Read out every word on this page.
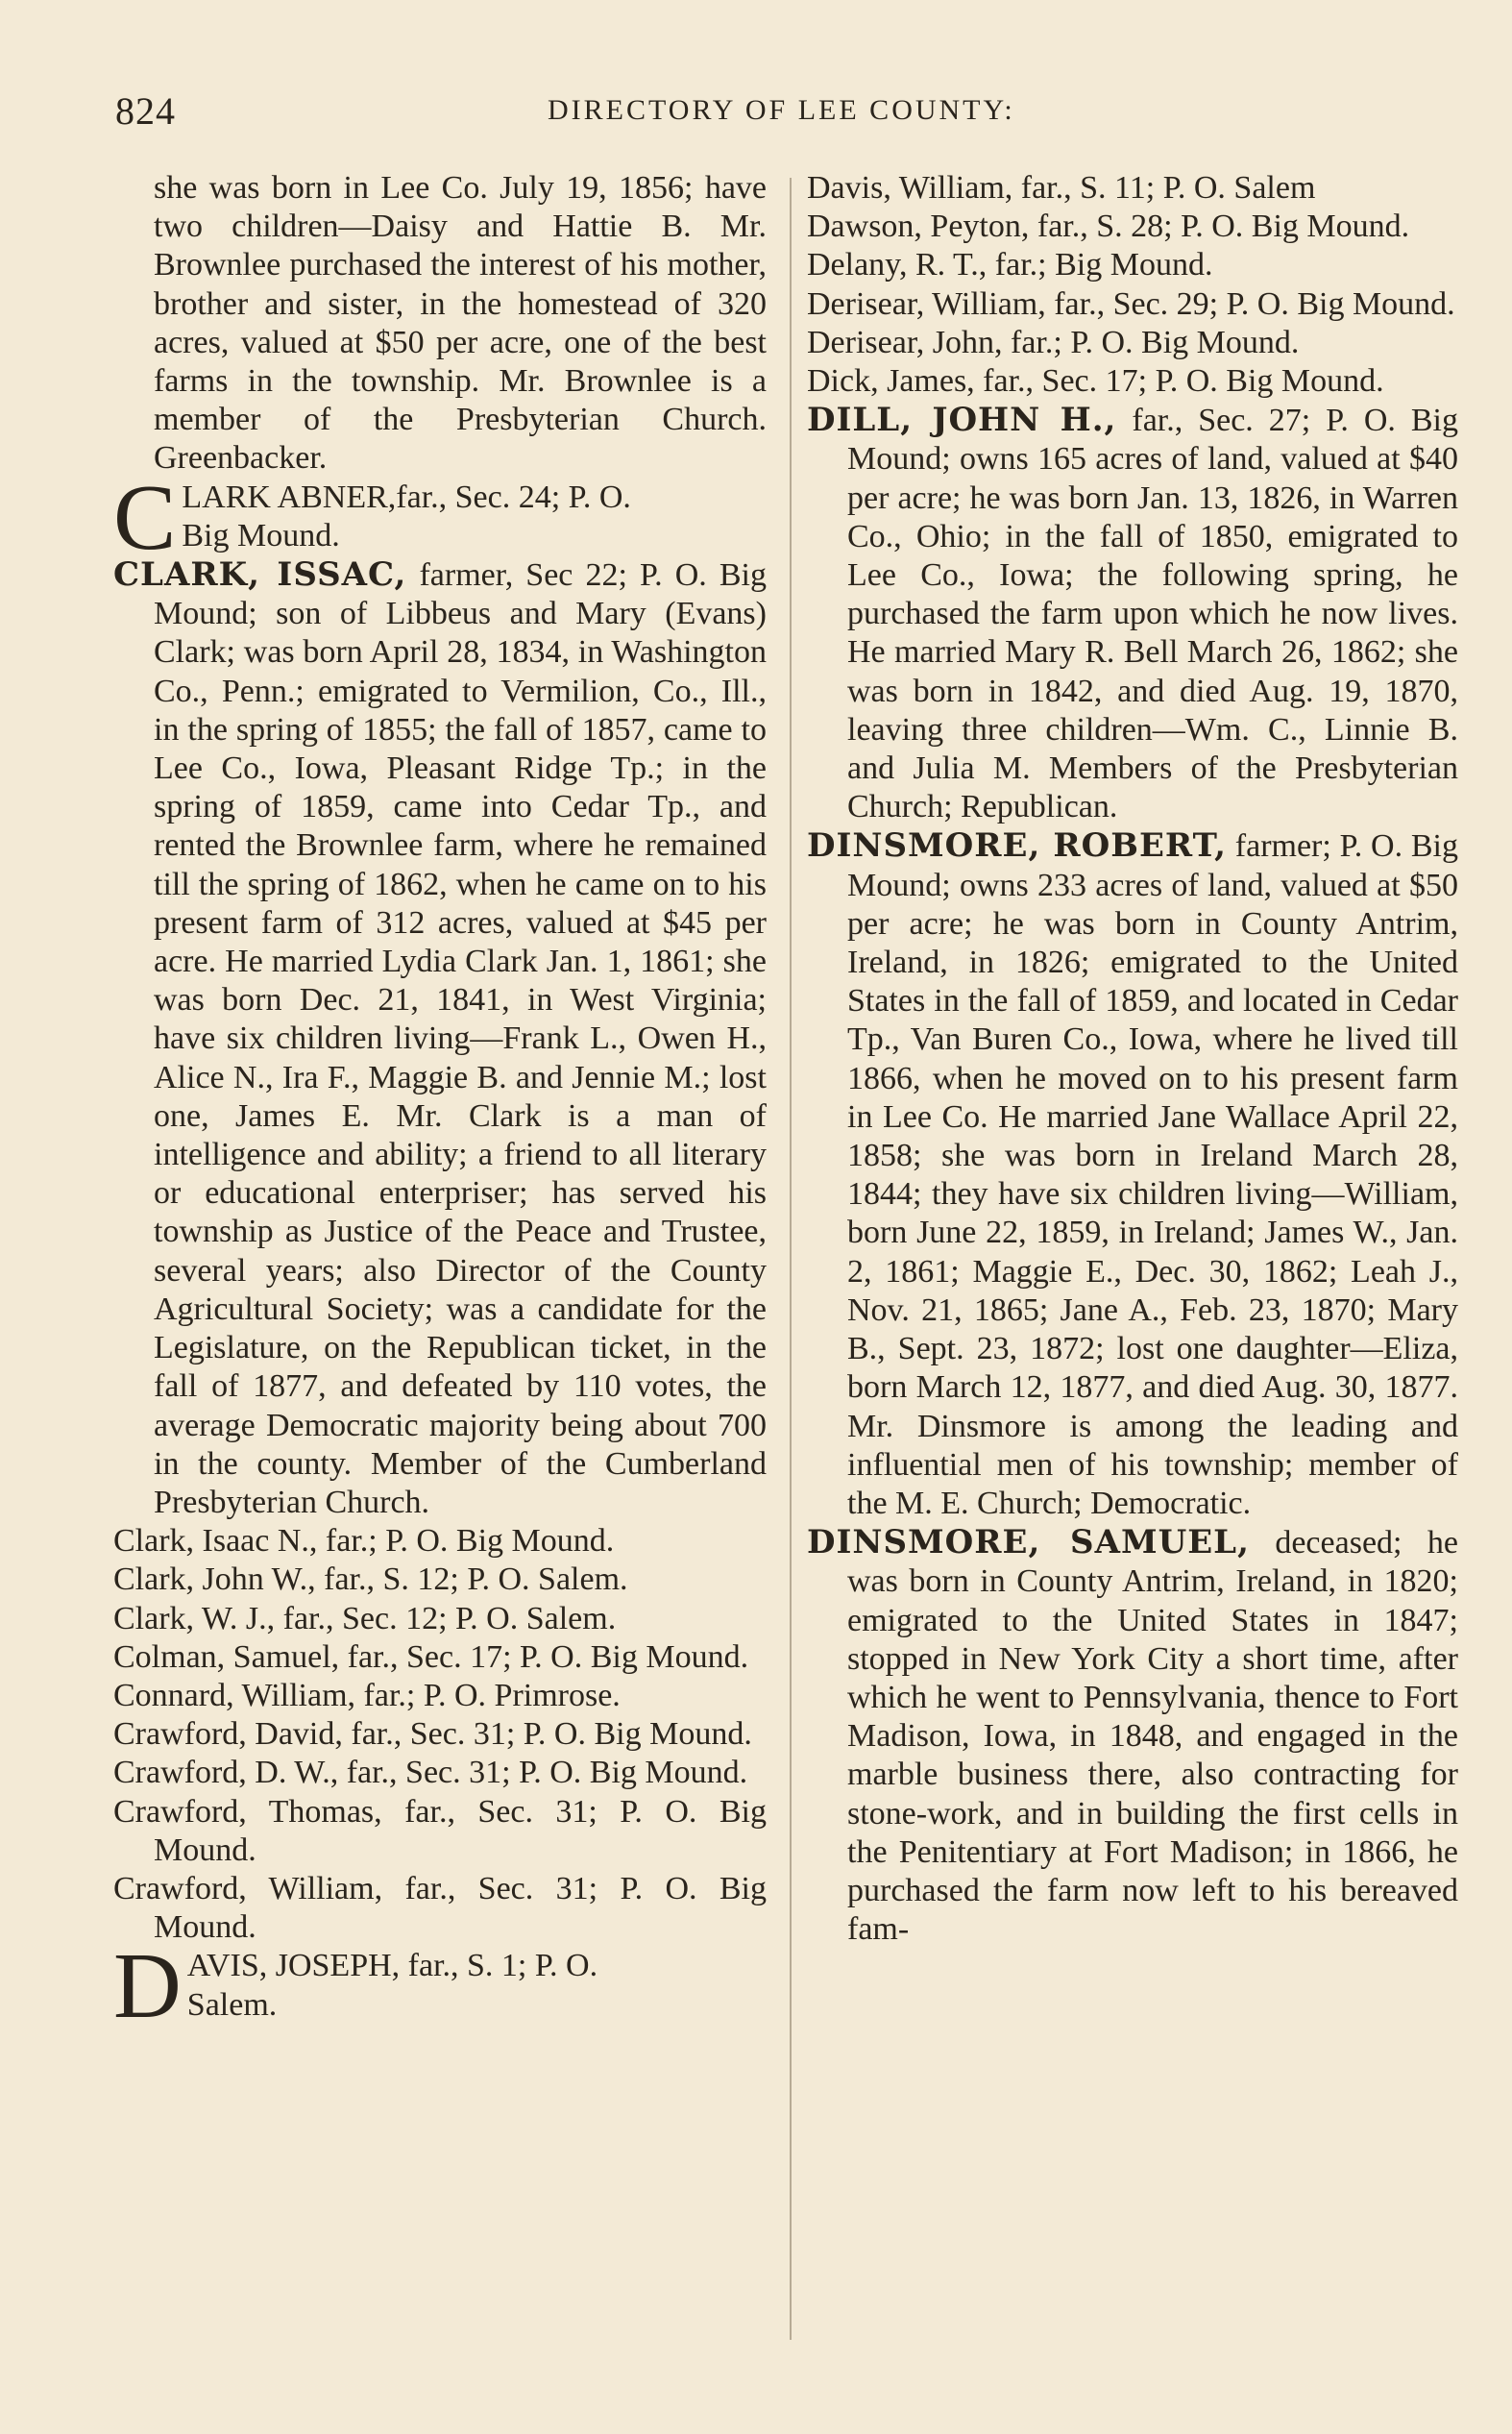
824	DIRECTORY OF LEE COUNTY:

she was born in Lee Co. July 19, 1856; have two children—Daisy and Hattie B. Mr. Brownlee purchased the interest of his mother, brother and sister, in the homestead of 320 acres, valued at $50 per acre, one of the best farms in the township. Mr. Brownlee is a member of the Presbyterian Church. Greenbacker.

C LARK ABNER,far., Sec. 24; P. O.
Big Mound.

CLARK, ISSAC, farmer, Sec 22; P. O. Big Mound; son of Libbeus and Mary (Evans) Clark; was born April 28, 1834, in Washington Co., Penn.; emigrated to Vermilion, Co., Ill., in the spring of 1855; the fall of 1857, came to Lee Co., Iowa, Pleasant Ridge Tp.; in the spring of 1859, came into Cedar Tp., and rented the Brownlee farm, where he remained till the spring of 1862, when he came on to his present farm of 312 acres, valued at $45 per acre. He married Lydia Clark Jan. 1, 1861; she was born Dec. 21, 1841, in West Virginia; have six children living—Frank L., Owen H., Alice N., Ira F., Maggie B. and Jennie M.; lost one, James E. Mr. Clark is a man of intelligence and ability; a friend to all literary or educational enterpriser; has served his township as Justice of the Peace and Trustee, several years; also Director of the County Agricultural Society; was a candidate for the Legislature, on the Republican ticket, in the fall of 1877, and defeated by 110 votes, the average Democratic majority being about 700 in the county. Member of the Cumberland Presbyterian Church.

Clark, Isaac N., far.; P. O. Big Mound.

Clark, John W., far., S. 12; P. O. Salem.

Clark, W. J., far., Sec. 12; P. O. Salem.

Colman, Samuel, far., Sec. 17; P. O. Big Mound.

Connard, William, far.; P. O. Primrose.

Crawford, David, far., Sec. 31; P. O. Big Mound.

Crawford, D. W., far., Sec. 31; P. O. Big Mound.

Crawford, Thomas, far., Sec. 31; P. O. Big Mound.

Crawford, William, far., Sec. 31; P. O. Big Mound.

D AVIS, JOSEPH, far., S. 1; P. O.
Salem.

Davis, William, far., S. 11; P. O. Salem

Dawson, Peyton, far., S. 28; P. O. Big Mound.

Delany, R. T., far.; Big Mound.

Derisear, William, far., Sec. 29; P. O. Big Mound.

Derisear, John, far.; P. O. Big Mound.

Dick, James, far., Sec. 17; P. O. Big Mound.

DILL, JOHN H., far., Sec. 27; P. O. Big Mound; owns 165 acres of land, valued at $40 per acre; he was born Jan. 13, 1826, in Warren Co., Ohio; in the fall of 1850, emigrated to Lee Co., Iowa; the following spring, he purchased the farm upon which he now lives. He married Mary R. Bell March 26, 1862; she was born in 1842, and died Aug. 19, 1870, leaving three children—Wm. C., Linnie B. and Julia M. Members of the Presbyterian Church; Republican.

DINSMORE, ROBERT, farmer; P. O. Big Mound; owns 233 acres of land, valued at $50 per acre; he was born in County Antrim, Ireland, in 1826; emigrated to the United States in the fall of 1859, and located in Cedar Tp., Van Buren Co., Iowa, where he lived till 1866, when he moved on to his present farm in Lee Co. He married Jane Wallace April 22, 1858; she was born in Ireland March 28, 1844; they have six children living—William, born June 22, 1859, in Ireland; James W., Jan. 2, 1861; Maggie E., Dec. 30, 1862; Leah J., Nov. 21, 1865; Jane A., Feb. 23, 1870; Mary B., Sept. 23, 1872; lost one daughter—Eliza, born March 12, 1877, and died Aug. 30, 1877. Mr. Dinsmore is among the leading and influential men of his township; member of the M. E. Church; Democratic.

DINSMORE, SAMUEL, deceased; he was born in County Antrim, Ireland, in 1820; emigrated to the United States in 1847; stopped in New York City a short time, after which he went to Pennsylvania, thence to Fort Madison, Iowa, in 1848, and engaged in the marble business there, also contracting for stone-work, and in building the first cells in the Penitentiary at Fort Madison; in 1866, he purchased the farm now left to his bereaved fam-
